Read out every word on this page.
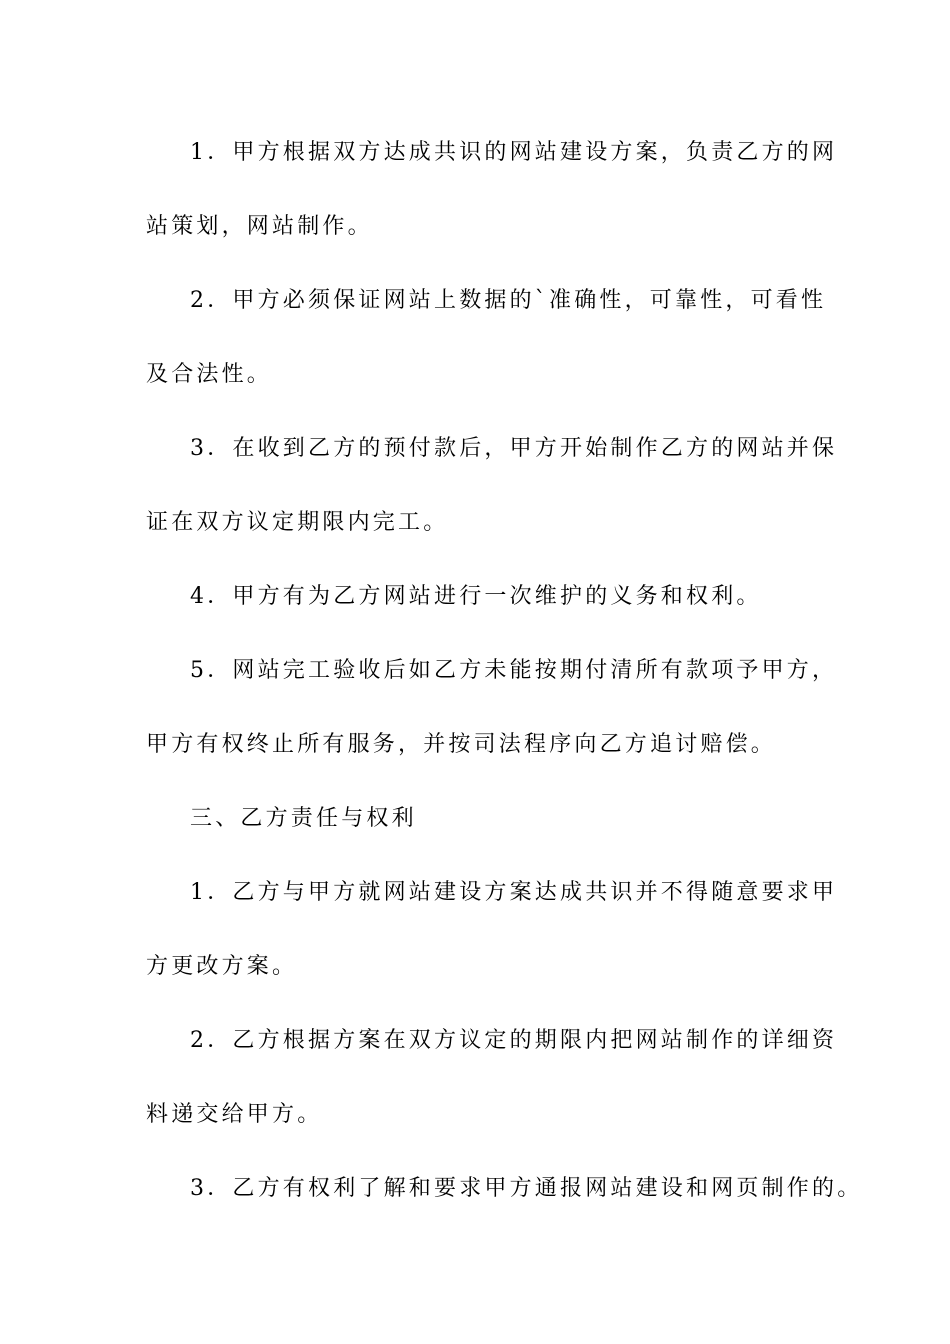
1．甲方根据双方达成共识的网站建设方案，负责乙方的网
站策划，网站制作。
2．甲方必须保证网站上数据的`准确性，可靠性，可看性
及合法性。
3．在收到乙方的预付款后，甲方开始制作乙方的网站并保
证在双方议定期限内完工。
4．甲方有为乙方网站进行一次维护的义务和权利。
5．网站完工验收后如乙方未能按期付清所有款项予甲方，
甲方有权终止所有服务，并按司法程序向乙方追讨赔偿。
三、乙方责任与权利
1．乙方与甲方就网站建设方案达成共识并不得随意要求甲
方更改方案。
2．乙方根据方案在双方议定的期限内把网站制作的详细资
料递交给甲方。
3．乙方有权利了解和要求甲方通报网站建设和网页制作的。
